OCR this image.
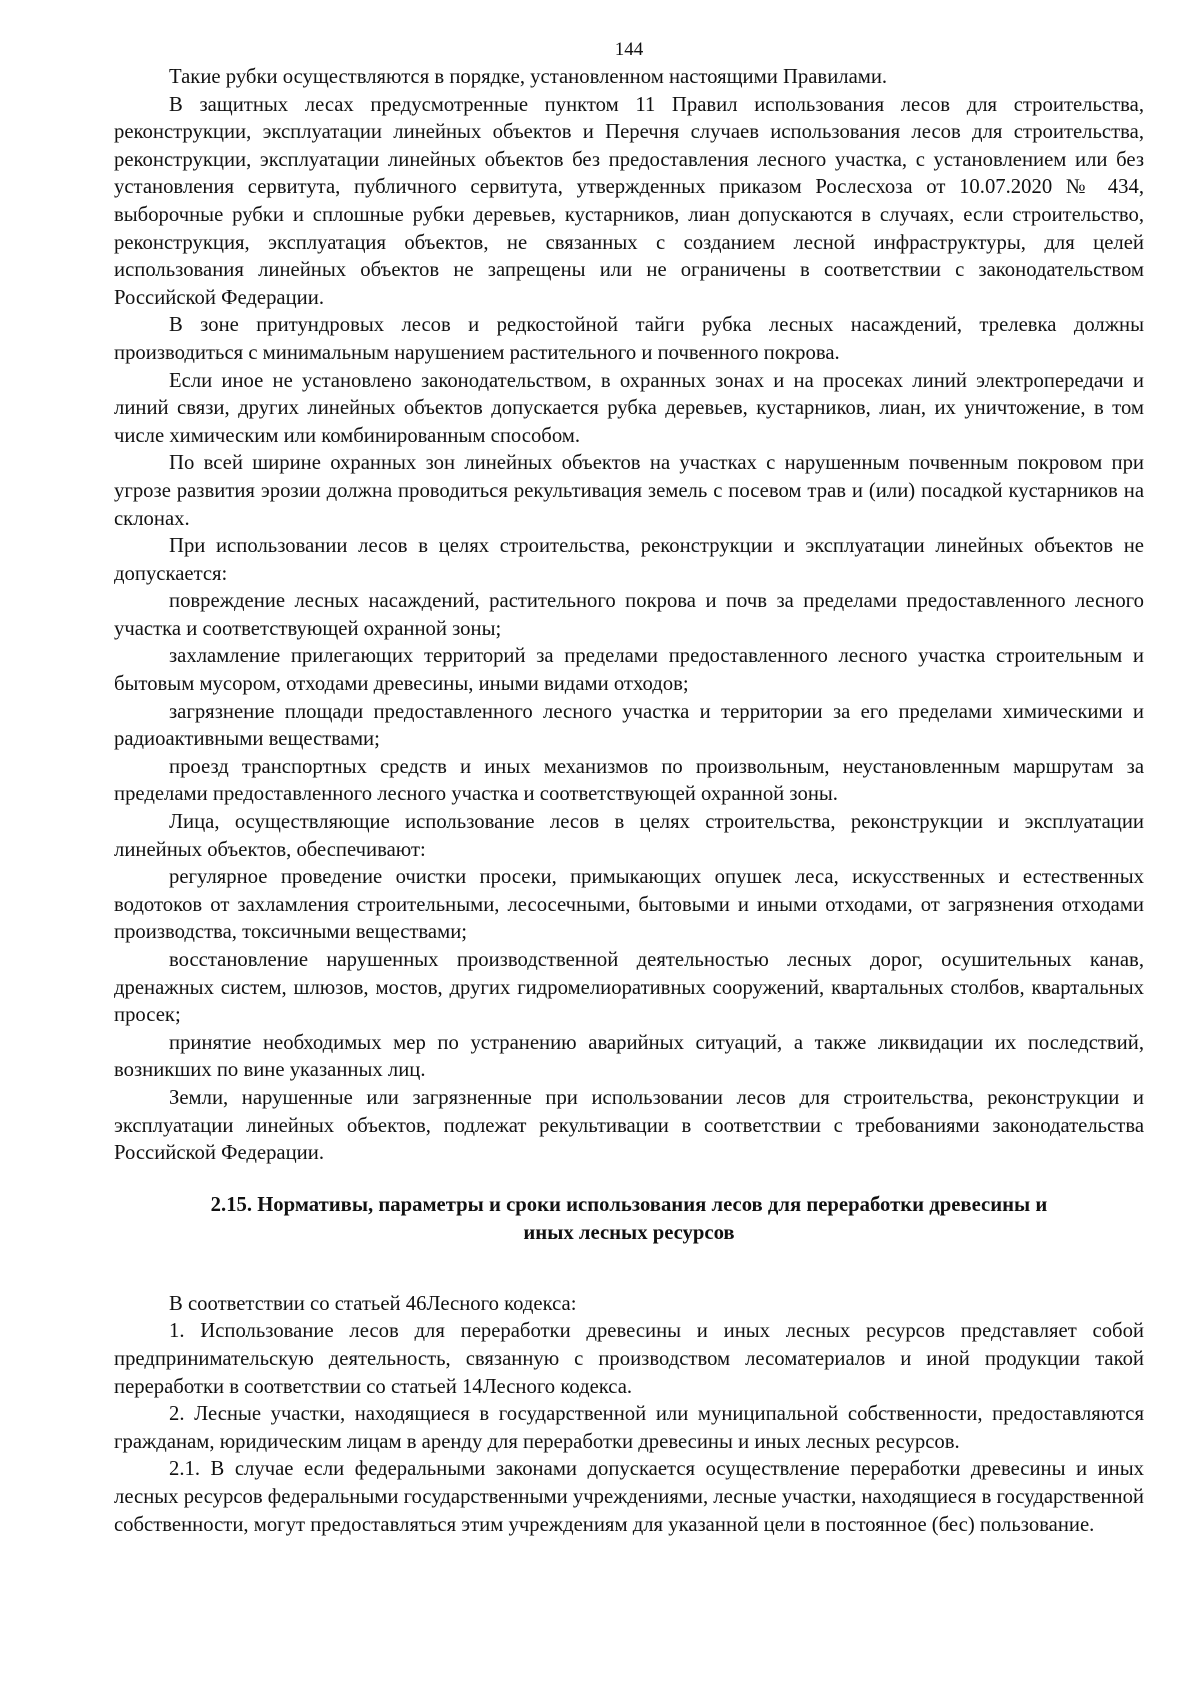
144

Такие рубки осуществляются в порядке, установленном настоящими Правилами.

В защитных лесах предусмотренные пунктом 11 Правил использования лесов для строительства, реконструкции, эксплуатации линейных объектов и Перечня случаев использования лесов для строительства, реконструкции, эксплуатации линейных объектов без предоставления лесного участка, с установлением или без установления сервитута, публичного сервитута, утвержденных приказом Рослесхоза от 10.07.2020 № 434, выборочные рубки и сплошные рубки деревьев, кустарников, лиан допускаются в случаях, если строительство, реконструкция, эксплуатация объектов, не связанных с созданием лесной инфраструктуры, для целей использования линейных объектов не запрещены или не ограничены в соответствии с законодательством Российской Федерации.

В зоне притундровых лесов и редкостойной тайги рубка лесных насаждений, трелевка должны производиться с минимальным нарушением растительного и почвенного покрова.

Если иное не установлено законодательством, в охранных зонах и на просеках линий электропередачи и линий связи, других линейных объектов допускается рубка деревьев, кустарников, лиан, их уничтожение, в том числе химическим или комбинированным способом.

По всей ширине охранных зон линейных объектов на участках с нарушенным почвенным покровом при угрозе развития эрозии должна проводиться рекультивация земель с посевом трав и (или) посадкой кустарников на склонах.

При использовании лесов в целях строительства, реконструкции и эксплуатации линейных объектов не допускается:

повреждение лесных насаждений, растительного покрова и почв за пределами предоставленного лесного участка и соответствующей охранной зоны;

захламление прилегающих территорий за пределами предоставленного лесного участка строительным и бытовым мусором, отходами древесины, иными видами отходов;

загрязнение площади предоставленного лесного участка и территории за его пределами химическими и радиоактивными веществами;

проезд транспортных средств и иных механизмов по произвольным, неустановленным маршрутам за пределами предоставленного лесного участка и соответствующей охранной зоны.

Лица, осуществляющие использование лесов в целях строительства, реконструкции и эксплуатации линейных объектов, обеспечивают:

регулярное проведение очистки просеки, примыкающих опушек леса, искусственных и естественных водотоков от захламления строительными, лесосечными, бытовыми и иными отходами, от загрязнения отходами производства, токсичными веществами;

восстановление нарушенных производственной деятельностью лесных дорог, осушительных канав, дренажных систем, шлюзов, мостов, других гидромелиоративных сооружений, квартальных столбов, квартальных просек;

принятие необходимых мер по устранению аварийных ситуаций, а также ликвидации их последствий, возникших по вине указанных лиц.

Земли, нарушенные или загрязненные при использовании лесов для строительства, реконструкции и эксплуатации линейных объектов, подлежат рекультивации в соответствии с требованиями законодательства Российской Федерации.

2.15. Нормативы, параметры и сроки использования лесов для переработки древесины и
иных лесных ресурсов

В соответствии со статьей 46Лесного кодекса:

1. Использование лесов для переработки древесины и иных лесных ресурсов представляет собой предпринимательскую деятельность, связанную с производством лесоматериалов и иной продукции такой переработки в соответствии со статьей 14Лесного кодекса.

2. Лесные участки, находящиеся в государственной или муниципальной собственности, предоставляются гражданам, юридическим лицам в аренду для переработки древесины и иных лесных ресурсов.

2.1. В случае если федеральными законами допускается осуществление переработки древесины и иных лесных ресурсов федеральными государственными учреждениями, лесные участки, находящиеся в государственной собственности, могут предоставляться этим учреждениям для указанной цели в постоянное (бес) пользование.
